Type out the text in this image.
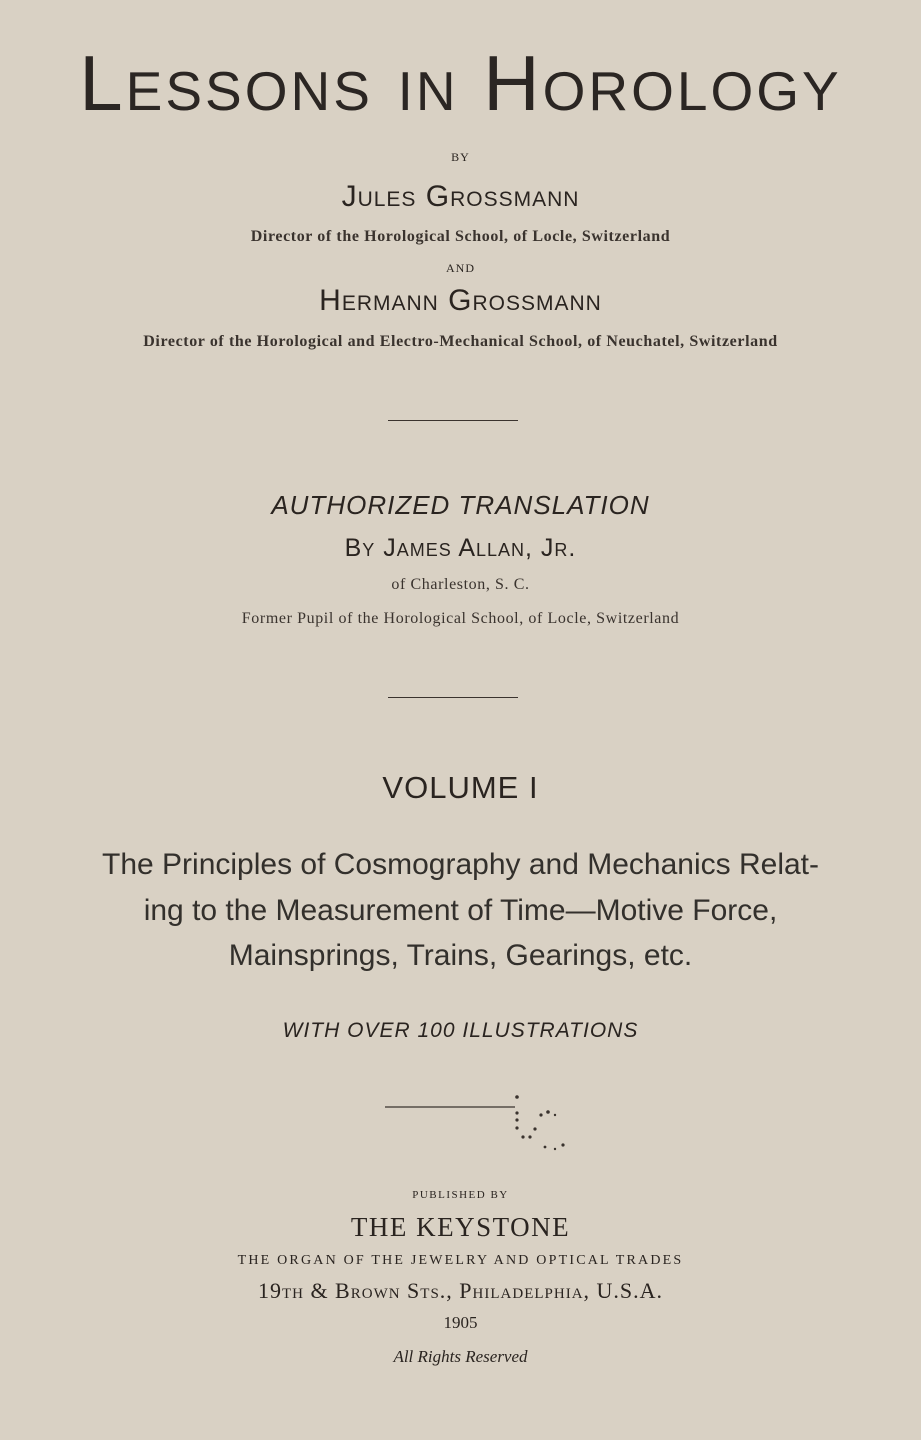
Lessons in Horology
BY
Jules Grossmann
Director of the Horological School, of Locle, Switzerland
AND
Hermann Grossmann
Director of the Horological and Electro-Mechanical School, of Neuchatel, Switzerland
AUTHORIZED TRANSLATION
By James Allan, Jr.
of Charleston, S. C.
Former Pupil of the Horological School, of Locle, Switzerland
VOLUME I
The Principles of Cosmography and Mechanics Relat-
ing to the Measurement of Time—Motive Force,
Mainsprings, Trains, Gearings, etc.
WITH OVER 100 ILLUSTRATIONS
PUBLISHED BY
THE KEYSTONE
THE ORGAN OF THE JEWELRY AND OPTICAL TRADES
19th & Brown Sts., Philadelphia, U.S.A.
1905
All Rights Reserved
